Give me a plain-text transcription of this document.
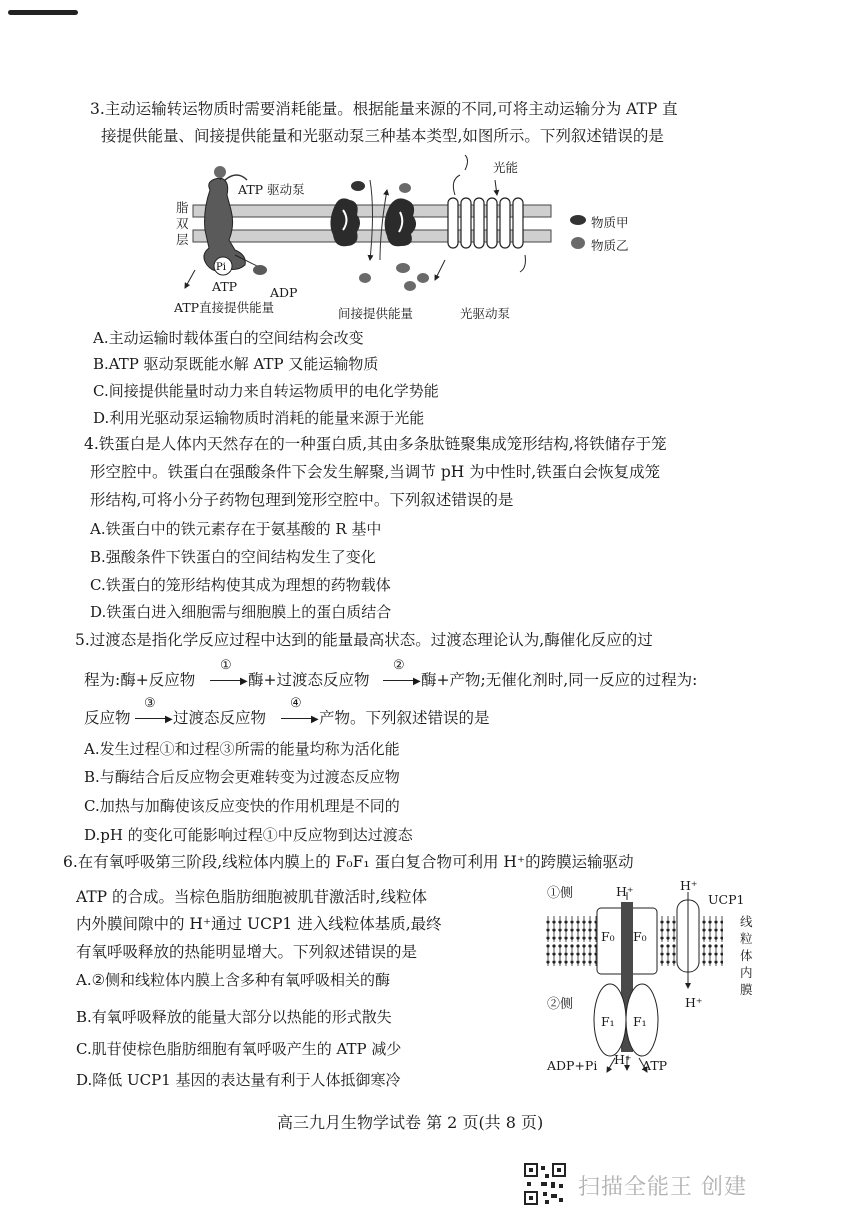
3.主动运输转运物质时需要消耗能量。根据能量来源的不同,可将主动运输分为 ATP 直
接提供能量、间接提供能量和光驱动泵三种基本类型,如图所示。下列叙述错误的是
Pi
ATP 驱动泵
光能
脂
双
层
ATP	ADP
ATP直接提供能量	间接提供能量	光驱动泵
物质甲
物质乙
A.主动运输时载体蛋白的空间结构会改变
B.ATP 驱动泵既能水解 ATP 又能运输物质
C.间接提供能量时动力来自转运物质甲的电化学势能
D.利用光驱动泵运输物质时消耗的能量来源于光能
4.铁蛋白是人体内天然存在的一种蛋白质,其由多条肽链聚集成笼形结构,将铁储存于笼
形空腔中。铁蛋白在强酸条件下会发生解聚,当调节 pH 为中性时,铁蛋白会恢复成笼
形结构,可将小分子药物包理到笼形空腔中。下列叙述错误的是
A.铁蛋白中的铁元素存在于氨基酸的 R 基中
B.强酸条件下铁蛋白的空间结构发生了变化
C.铁蛋白的笼形结构使其成为理想的药物载体
D.铁蛋白进入细胞需与细胞膜上的蛋白质结合
5.过渡态是指化学反应过程中达到的能量最高状态。过渡态理论认为,酶催化反应的过
程为:酶+反应物
①
▶ 酶+过渡态反应物
②
▶ 酶+产物;无催化剂时,同一反应的过程为:
反应物
③
▶ 过渡态反应物
④
▶ 产物。下列叙述错误的是
A.发生过程①和过程③所需的能量均称为活化能
B.与酶结合后反应物会更难转变为过渡态反应物
C.加热与加酶使该反应变快的作用机理是不同的
D.pH 的变化可能影响过程①中反应物到达过渡态
6.在有氧呼吸第三阶段,线粒体内膜上的 F₀F₁ 蛋白复合物可利用 H⁺的跨膜运输驱动
ATP 的合成。当棕色脂肪细胞被肌苷激活时,线粒体
内外膜间隙中的 H⁺通过 UCP1 进入线粒体基质,最终
有氧呼吸释放的热能明显增大。下列叙述错误的是
A.②侧和线粒体内膜上含多种有氧呼吸相关的酶
B.有氧呼吸释放的能量大部分以热能的形式散失
C.肌苷使棕色脂肪细胞有氧呼吸产生的 ATP 减少
D.降低 UCP1 基因的表达量有利于人体抵御寒冷
①侧
②侧
H⁺	H⁺
UCP1
H⁺
F₀ F₀
F₁ F₁
线
粒
体
内
膜
ADP+Pi H⁺ ATP
高三九月生物学试卷 第 2 页(共 8 页)
扫描全能王 创建
